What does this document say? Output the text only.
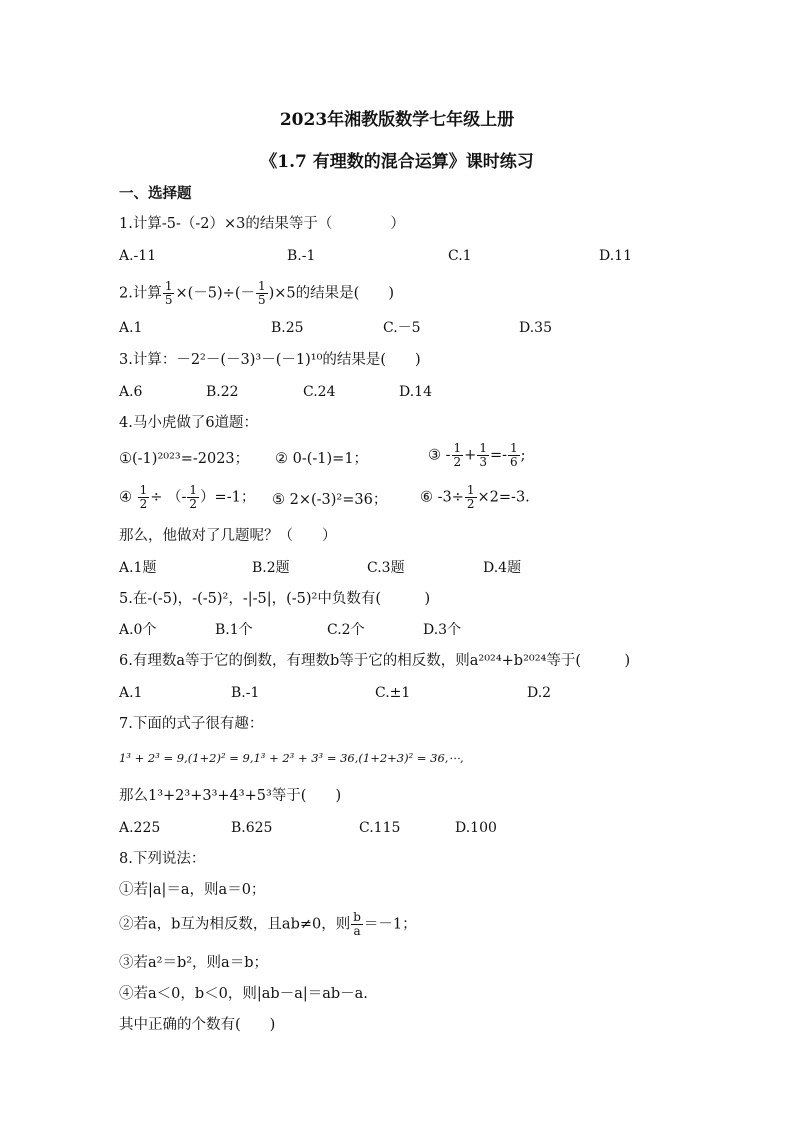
2023年湘教版数学七年级上册
《1.7 有理数的混合运算》课时练习
一、选择题
1.计算-5-（-2）×3的结果等于（　　　　）
A.-11	B.-1	C.1	D.11
2.计算 $\frac{1}{5} \times(-5)\div(- \frac{1}{5} )\times 5$的结果是(　　)
A.1	B.25	C.－5	D.35
3.计算：－2²－(－3)³－(－1)¹⁰的结果是(　　)
A.6	B.22	C.24	D.14
4.马小虎做了6道题：
①(-1)²⁰²³=-2023； ② 0-(-1)=1；	③ - $\frac{1}{2} + \frac{1}{3} =- \frac{1}{6}$ ;
④ $\frac{1}{2}$ ÷ （- $\frac{1}{2} )=-1$； ⑤ 2×(-3)²=36； ⑥ $-3\div \frac{1}{2} \times 2=-3$.
那么，他做对了几题呢？（　　）
A.1题	B.2题	C.3题	D.4题
5.在-(-5)，-(-5)²，-|-5|，(-5)²中负数有(　　　)
A.0个	B.1个	C.2个	D.3个
6.有理数a等于它的倒数，有理数b等于它的相反数，则a²⁰²⁴+b²⁰²⁴等于(　　　)
A.1	B.-1	C.±1	D.2
7.下面的式子很有趣：
1³ + 2³ = 9,(1+2)² = 9,1³ + 2³ + 3³ = 36,(1+2+3)² = 36,⋯,
那么1³+2³+3³+4³+5³等于(　　)
A.225	B.625	C.115	D.100
8.下列说法：
①若|a|＝a，则a＝0；
②若a，b互为相反数，且ab≠0，则 $\frac{b}{a} =-1$；
③若a²＝b²，则a＝b；
④若a＜0，b＜0，则|ab－a|＝ab－a.
其中正确的个数有(　　)
